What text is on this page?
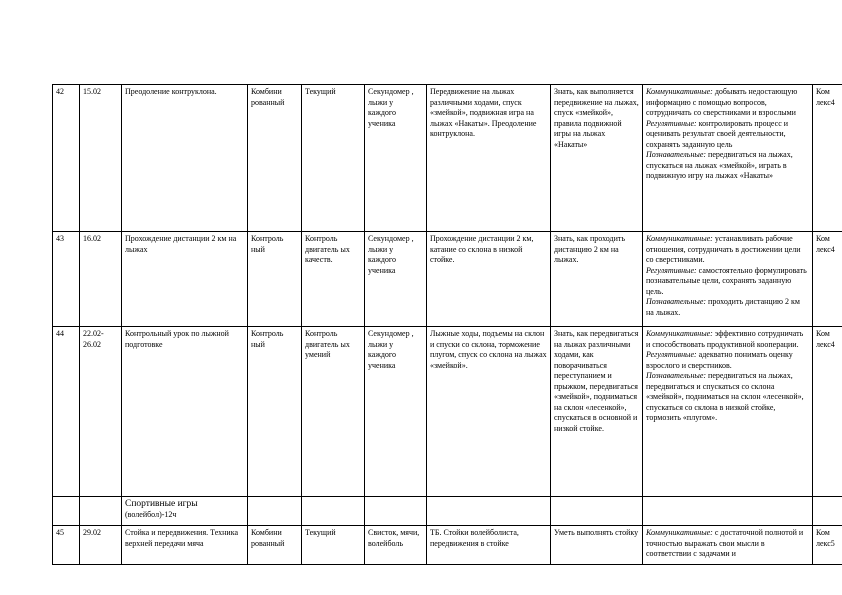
42	15.02	Преодоление контруклона.	Комбини рованный	Текущий	Секундомер , лыжи у каждого ученика	Передвижение на лыжах различными ходами, спуск «змейкой», подвижная игра на лыжах «Накаты». Преодоление контруклона.	Знать, как выполняется передвижение на лыжах, спуск «змейкой», правила подвижной игры на лыжах «Накаты»	Коммуникативные: добывать недостающую информацию с помощью вопросов, сотрудничать со сверстниками и взрослыми
Регулятивные: контролировать процесс и оценивать результат своей деятельности, сохранять заданную цель
Познавательные: передвигаться на лыжах, спускаться на лыжах «змейкой», играть в подвижную игру на лыжах «Накаты»	Ком лекс4
43	16.02	Прохождение дистанции 2 км на лыжах	Контроль ный	Контроль двигатель ых качеств.	Секундомер , лыжи у каждого ученика	Прохождение дистанции 2 км, катание со склона в низкой стойке.	Знать, как проходить дистанцию 2 км на лыжах.	Коммуникативные: устанавливать рабочие отношения, сотрудничать в достижении цели со сверстниками.
Регулятивные: самостоятельно формулировать познавательные цели, сохранять заданную цель.
Познавательные: проходить дистанцию 2 км на лыжах.	Ком лекс4
44	22.02-26.02	Контрольный урок по лыжной подготовке	Контроль ный	Контроль двигатель ых умений	Секундомер , лыжи у каждого ученика	Лыжные ходы, подъемы на склон и спуски со склона, торможение плугом, спуск со склона на лыжах «змейкой».	Знать, как передвигаться на лыжах различными ходами, как поворачиваться переступанием и прыжком, передвигаться «змейкой», подниматься на склон «лесенкой», спускаться в основной и низкой стойке.	Коммуникативные: эффективно сотрудничать и способствовать продуктивной кооперации.
Регулятивные: адекватно понимать оценку взрослого и сверстников.
Познавательные: передвигаться на лыжах, передвигаться и спускаться со склона «змейкой», подниматься на склон «лесенкой», спускаться со склона в низкой стойке, тормозить «плугом».	Ком лекс4

		Спортивные игры
(волейбол)-12ч							

45	29.02	Стойка и передвижения. Техника верхней передачи мяча	Комбини рованный	Текущий	Свисток, мячи, волейболь	ТБ. Стойки волейболиста, передвижения в стойке	Уметь выполнять стойку	Коммуникативные: с достаточной полнотой и точностью выражать свои мысли в соответствии с задачами и	Ком лекс5
